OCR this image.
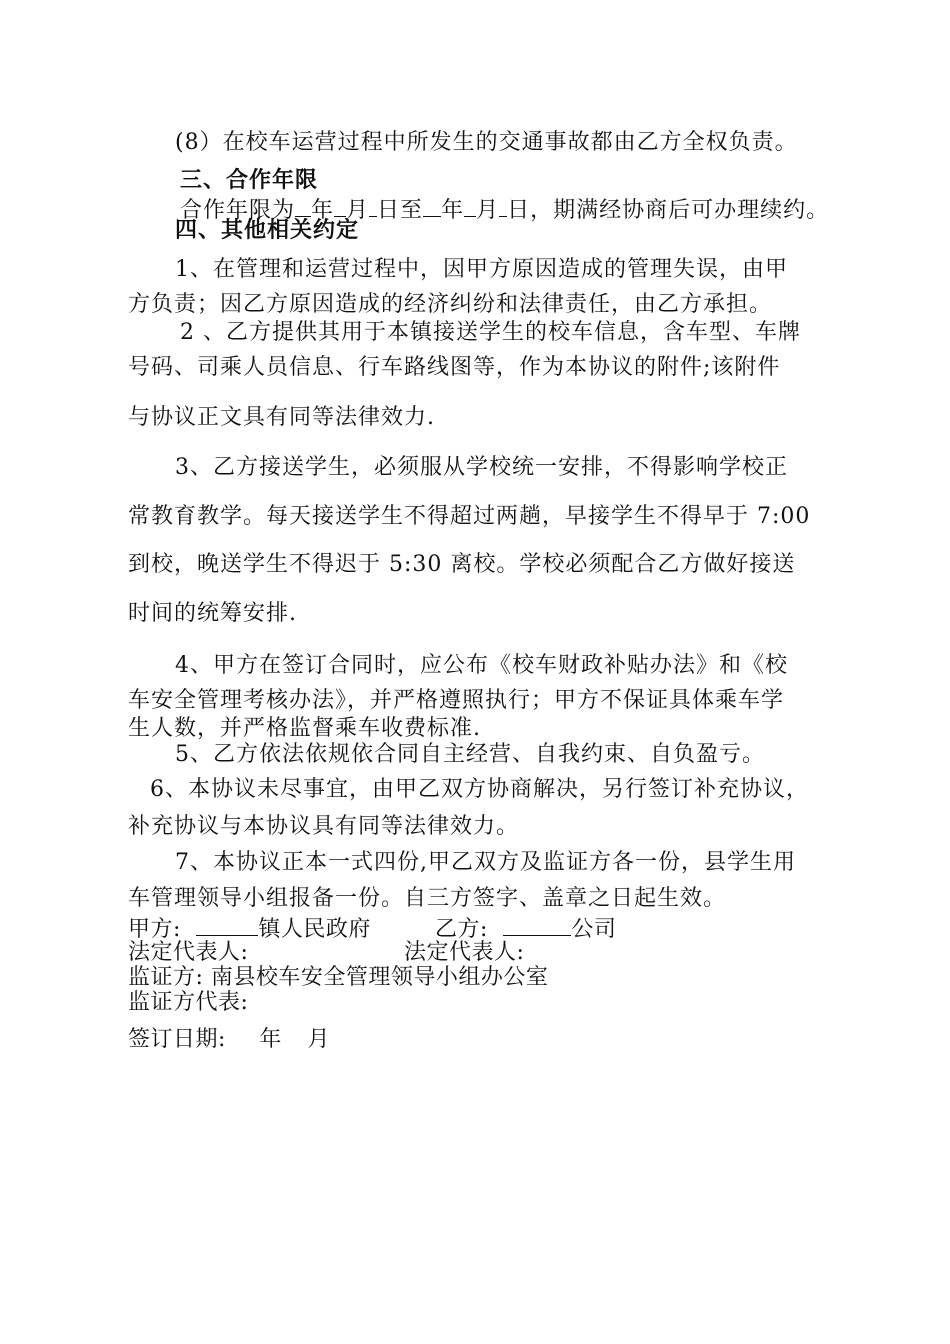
(8）在校车运营过程中所发生的交通事故都由乙方全权负责。
三、合作年限
合作年限为 年 月 日至 年 月 日，期满经协商后可办理续约。
四、其他相关约定
1、在管理和运营过程中，因甲方原因造成的管理失误，由甲
方负责；因乙方原因造成的经济纠纷和法律责任，由乙方承担。
2 、乙方提供其用于本镇接送学生的校车信息，含车型、车牌
号码、司乘人员信息、行车路线图等，作为本协议的附件;该附件
与协议正文具有同等法律效力.
3、乙方接送学生，必须服从学校统一安排，不得影响学校正
常教育教学。每天接送学生不得超过两趟，早接学生不得早于 7:00
到校，晚送学生不得迟于 5:30 离校。学校必须配合乙方做好接送
时间的统筹安排.
4、甲方在签订合同时，应公布《校车财政补贴办法》和《校
车安全管理考核办法》，并严格遵照执行；甲方不保证具体乘车学
生人数，并严格监督乘车收费标准.
5、乙方依法依规依合同自主经营、自我约束、自负盈亏。
6、本协议未尽事宜，由甲乙双方协商解决，另行签订补充协议，
补充协议与本协议具有同等法律效力。
7、本协议正本一式四份,甲乙双方及监证方各一份，县学生用
车管理领导小组报备一份。自三方签字、盖章之日起生效。
甲方:	镇人民政府	乙方:	公司
法定代表人:	法定代表人:
监证方: 南县校车安全管理领导小组办公室
监证方代表:
签订日期: 年 月
